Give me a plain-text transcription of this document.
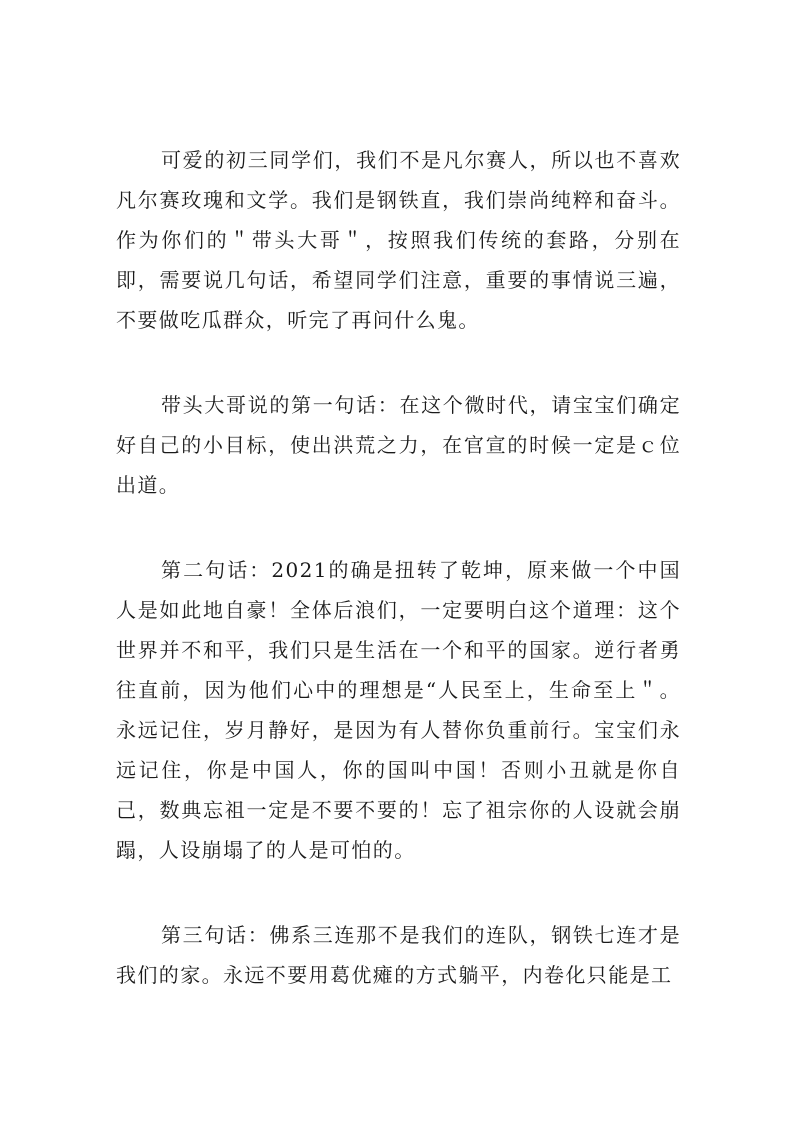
可爱的初三同学们，我们不是凡尔赛人，所以也不喜欢凡尔赛玫瑰和文学。我们是钢铁直，我们崇尚纯粹和奋斗。作为你们的＂带头大哥＂，按照我们传统的套路，分别在即，需要说几句话，希望同学们注意，重要的事情说三遍，不要做吃瓜群众，听完了再问什么鬼。

带头大哥说的第一句话：在这个微时代，请宝宝们确定好自己的小目标，使出洪荒之力，在官宣的时候一定是ｃ位出道。

第二句话：2021的确是扭转了乾坤，原来做一个中国人是如此地自豪！全体后浪们，一定要明白这个道理：这个世界并不和平，我们只是生活在一个和平的国家。逆行者勇往直前，因为他们心中的理想是“人民至上，生命至上＂。永远记住，岁月静好，是因为有人替你负重前行。宝宝们永远记住，你是中国人，你的国叫中国！否则小丑就是你自己，数典忘祖一定是不要不要的！忘了祖宗你的人设就会崩蹋，人设崩塌了的人是可怕的。

第三句话：佛系三连那不是我们的连队，钢铁七连才是我们的家。永远不要用葛优瘫的方式躺平，内卷化只能是工
